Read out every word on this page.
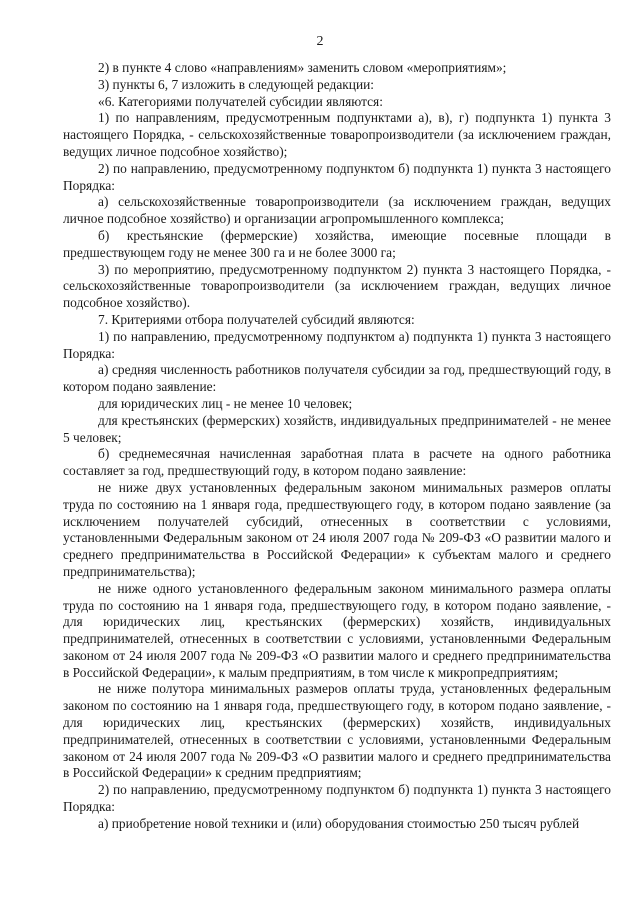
2

2) в пункте 4 слово «направлениям» заменить словом «мероприятиям»;

3) пункты 6, 7 изложить в следующей редакции:

«6. Категориями получателей субсидии являются:

1) по направлениям, предусмотренным подпунктами а), в), г) подпункта 1) пункта 3 настоящего Порядка, - сельскохозяйственные товаропроизводители (за исключением граждан, ведущих личное подсобное хозяйство);

2) по направлению, предусмотренному подпунктом б) подпункта 1) пункта 3 настоящего Порядка:

а) сельскохозяйственные товаропроизводители (за исключением граждан, ведущих личное подсобное хозяйство) и организации агропромышленного комплекса;

б) крестьянские (фермерские) хозяйства, имеющие посевные площади в предшествующем году не менее 300 га и не более 3000 га;

3) по мероприятию, предусмотренному подпунктом 2) пункта 3 настоящего Порядка, - сельскохозяйственные товаропроизводители (за исключением граждан, ведущих личное подсобное хозяйство).

7. Критериями отбора получателей субсидий являются:

1) по направлению, предусмотренному подпунктом а) подпункта 1) пункта 3 настоящего Порядка:

а) средняя численность работников получателя субсидии за год, предшествующий году, в котором подано заявление:

для юридических лиц - не менее 10 человек;

для крестьянских (фермерских) хозяйств, индивидуальных предпринимателей - не менее 5 человек;

б) среднемесячная начисленная заработная плата в расчете на одного работника составляет за год, предшествующий году, в котором подано заявление:

не ниже двух установленных федеральным законом минимальных размеров оплаты труда по состоянию на 1 января года, предшествующего году, в котором подано заявление (за исключением получателей субсидий, отнесенных в соответствии с условиями, установленными Федеральным законом от 24 июля 2007 года № 209-ФЗ «О развитии малого и среднего предпринимательства в Российской Федерации» к субъектам малого и среднего предпринимательства);

не ниже одного установленного федеральным законом минимального размера оплаты труда по состоянию на 1 января года, предшествующего году, в котором подано заявление, - для юридических лиц, крестьянских (фермерских) хозяйств, индивидуальных предпринимателей, отнесенных в соответствии с условиями, установленными Федеральным законом от 24 июля 2007 года № 209-ФЗ «О развитии малого и среднего предпринимательства в Российской Федерации», к малым предприятиям, в том числе к микропредприятиям;

не ниже полутора минимальных размеров оплаты труда, установленных федеральным законом по состоянию на 1 января года, предшествующего году, в котором подано заявление, - для юридических лиц, крестьянских (фермерских) хозяйств, индивидуальных предпринимателей, отнесенных в соответствии с условиями, установленными Федеральным законом от 24 июля 2007 года № 209-ФЗ «О развитии малого и среднего предпринимательства в Российской Федерации» к средним предприятиям;

2) по направлению, предусмотренному подпунктом б) подпункта 1) пункта 3 настоящего Порядка:

а) приобретение новой техники и (или) оборудования стоимостью 250 тысяч рублей
